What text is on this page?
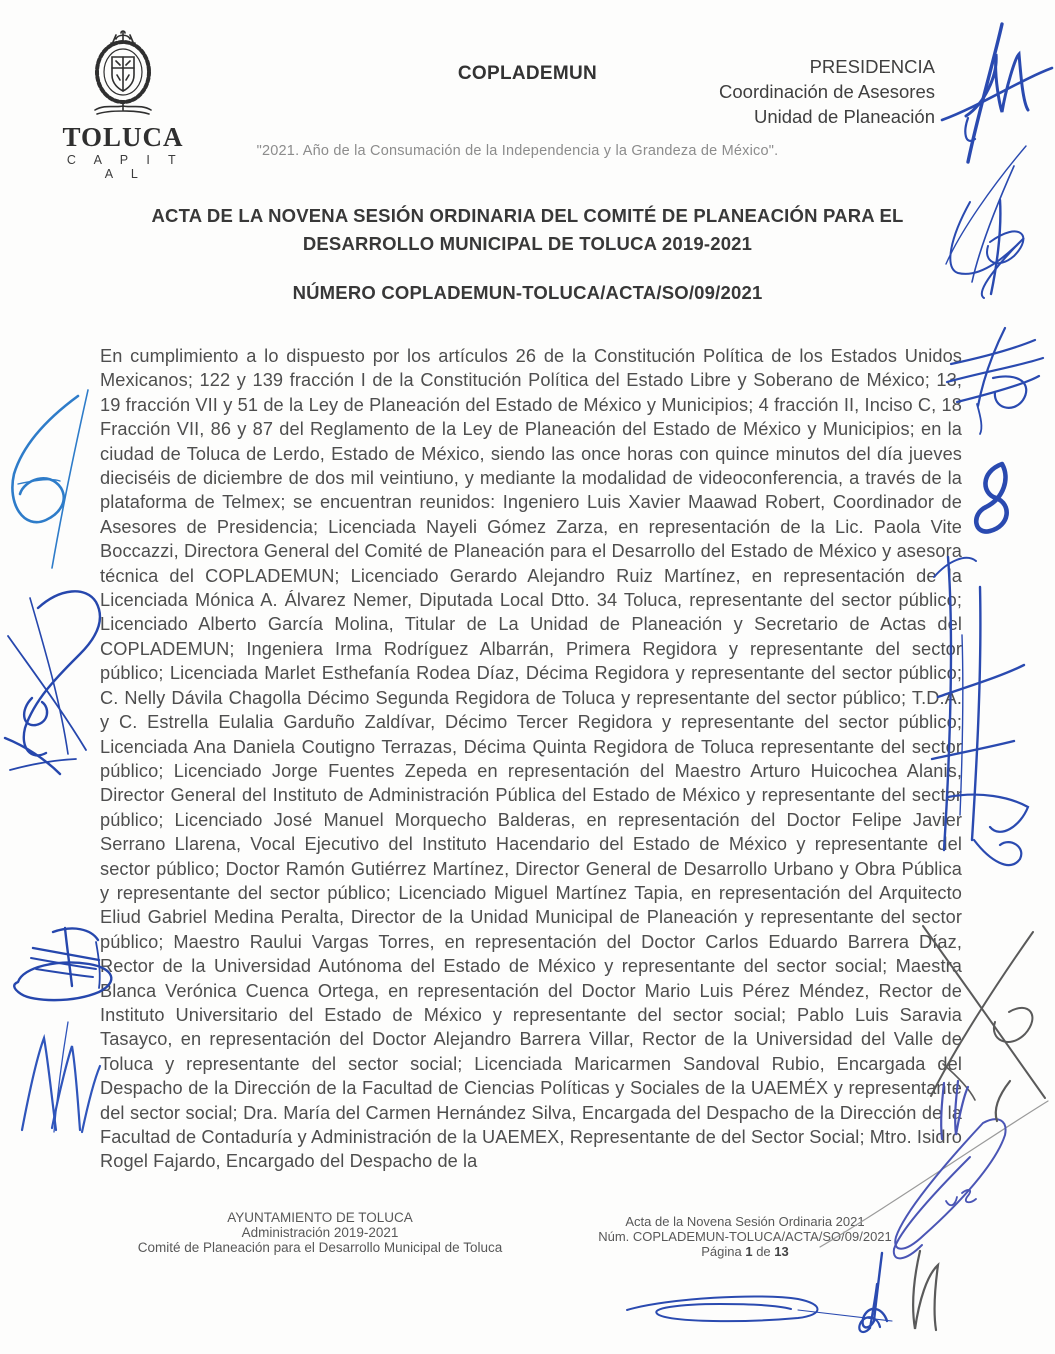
TOLUCA
C A P I T A L
COPLADEMUN	PRESIDENCIA
Coordinación de Asesores
Unidad de Planeación
"2021. Año de la Consumación de la Independencia y la Grandeza de México".
ACTA DE LA NOVENA SESIÓN ORDINARIA DEL COMITÉ DE PLANEACIÓN PARA EL
DESARROLLO MUNICIPAL DE TOLUCA 2019-2021
NÚMERO COPLADEMUN-TOLUCA/ACTA/SO/09/2021
En cumplimiento a lo dispuesto por los artículos 26 de la Constitución Política de los Estados Unidos Mexicanos; 122 y 139 fracción I de la Constitución Política del Estado Libre y Soberano de México; 13, 19 fracción VII y 51 de la Ley de Planeación del Estado de México y Municipios; 4 fracción II, Inciso C, 18 Fracción VII, 86 y 87 del Reglamento de la Ley de Planeación del Estado de México y Municipios; en la ciudad de Toluca de Lerdo, Estado de México, siendo las once horas con quince minutos del día jueves dieciséis de diciembre de dos mil veintiuno, y mediante la modalidad de videoconferencia, a través de la plataforma de Telmex; se encuentran reunidos: Ingeniero Luis Xavier Maawad Robert, Coordinador de Asesores de Presidencia; Licenciada Nayeli Gómez Zarza, en representación de la Lic. Paola Vite Boccazzi, Directora General del Comité de Planeación para el Desarrollo del Estado de México y asesora técnica del COPLADEMUN; Licenciado Gerardo Alejandro Ruiz Martínez, en representación de la Licenciada Mónica A. Álvarez Nemer, Diputada Local Dtto. 34 Toluca, representante del sector público; Licenciado Alberto García Molina, Titular de La Unidad de Planeación y Secretario de Actas del COPLADEMUN; Ingeniera Irma Rodríguez Albarrán, Primera Regidora y representante del sector público; Licenciada Marlet Esthefanía Rodea Díaz, Décima Regidora y representante del sector público; C. Nelly Dávila Chagolla Décimo Segunda Regidora de Toluca y representante del sector público; T.D.A. y C. Estrella Eulalia Garduño Zaldívar, Décimo Tercer Regidora y representante del sector público; Licenciada Ana Daniela Coutigno Terrazas, Décima Quinta Regidora de Toluca representante del sector público; Licenciado Jorge Fuentes Zepeda en representación del Maestro Arturo Huicochea Alanis, Director General del Instituto de Administración Pública del Estado de México y representante del sector público; Licenciado José Manuel Morquecho Balderas, en representación del Doctor Felipe Javier Serrano Llarena, Vocal Ejecutivo del Instituto Hacendario del Estado de México y representante del sector público; Doctor Ramón Gutiérrez Martínez, Director General de Desarrollo Urbano y Obra Pública y representante del sector público; Licenciado Miguel Martínez Tapia, en representación del Arquitecto Eliud Gabriel Medina Peralta, Director de la Unidad Municipal de Planeación y representante del sector público; Maestro Raului Vargas Torres, en representación del Doctor Carlos Eduardo Barrera Díaz, Rector de la Universidad Autónoma del Estado de México y representante del sector social; Maestra Blanca Verónica Cuenca Ortega, en representación del Doctor Mario Luis Pérez Méndez, Rector de Instituto Universitario del Estado de México y representante del sector social; Pablo Luis Saravia Tasayco, en representación del Doctor Alejandro Barrera Villar, Rector de la Universidad del Valle de Toluca y representante del sector social; Licenciada Maricarmen Sandoval Rubio, Encargada del Despacho de la Dirección de la Facultad de Ciencias Políticas y Sociales de la UAEMÉX y representante del sector social; Dra. María del Carmen Hernández Silva, Encargada del Despacho de la Dirección de la Facultad de Contaduría y Administración de la UAEMEX, Representante de del Sector Social; Mtro. Isidro Rogel Fajardo, Encargado del Despacho de la
AYUNTAMIENTO DE TOLUCA
Administración 2019-2021
Comité de Planeación para el Desarrollo Municipal de Toluca
Acta de la Novena Sesión Ordinaria 2021
Núm. COPLADEMUN-TOLUCA/ACTA/SO/09/2021
Página 1 de 13
